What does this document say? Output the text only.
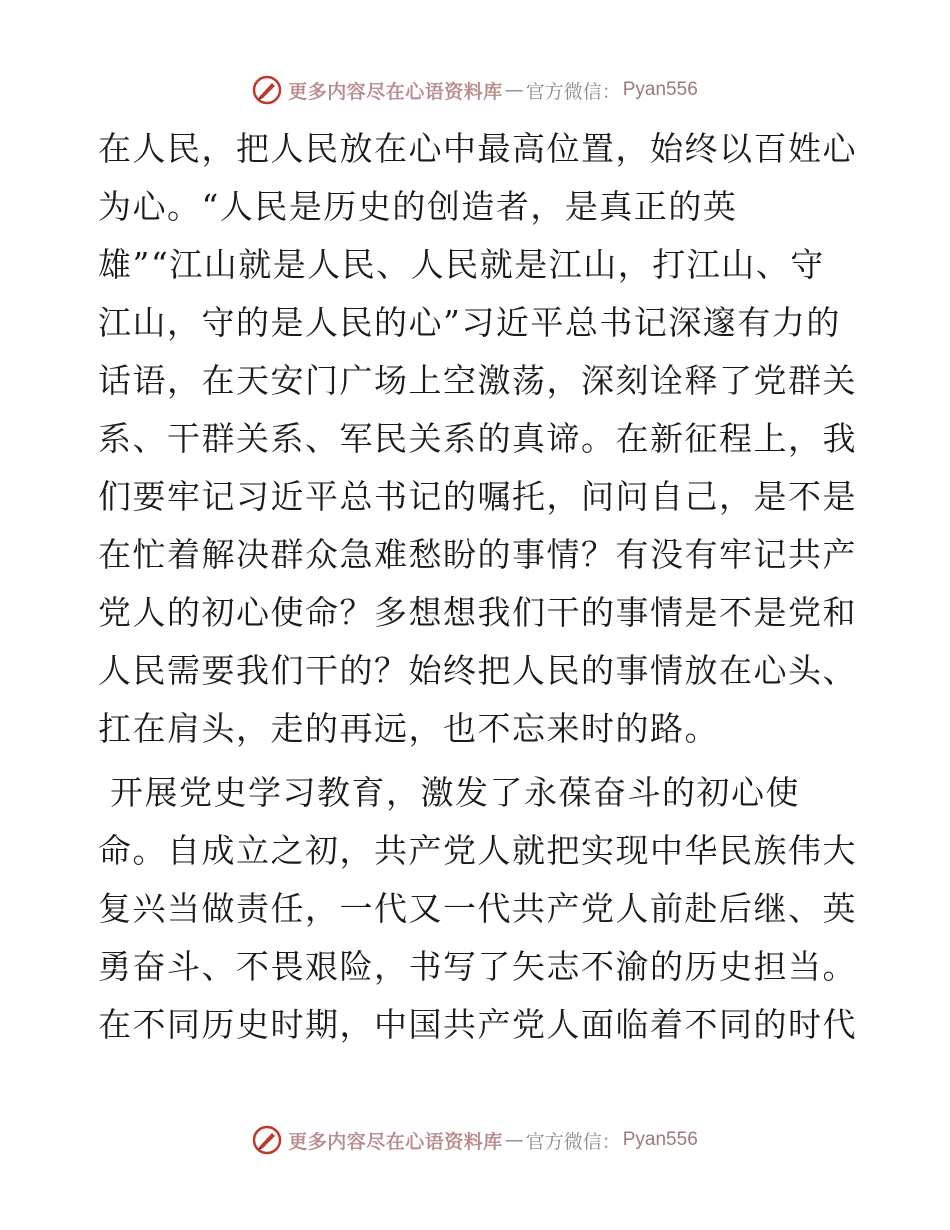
更多内容尽在心语资料库 — 官方微信： Pyan556
在人民，把人民放在心中最高位置，始终以百姓心
为心。“人民是历史的创造者，是真正的英
雄”“江山就是人民、人民就是江山，打江山、守
江山，守的是人民的心”习近平总书记深邃有力的
话语，在天安门广场上空激荡，深刻诠释了党群关
系、干群关系、军民关系的真谛。在新征程上，我
们要牢记习近平总书记的嘱托，问问自己，是不是
在忙着解决群众急难愁盼的事情？有没有牢记共产
党人的初心使命？多想想我们干的事情是不是党和
人民需要我们干的？始终把人民的事情放在心头、
扛在肩头，走的再远，也不忘来时的路。
开展党史学习教育，激发了永葆奋斗的初心使
命。自成立之初，共产党人就把实现中华民族伟大
复兴当做责任，一代又一代共产党人前赴后继、英
勇奋斗、不畏艰险，书写了矢志不渝的历史担当。
在不同历史时期，中国共产党人面临着不同的时代
更多内容尽在心语资料库 — 官方微信： Pyan556
